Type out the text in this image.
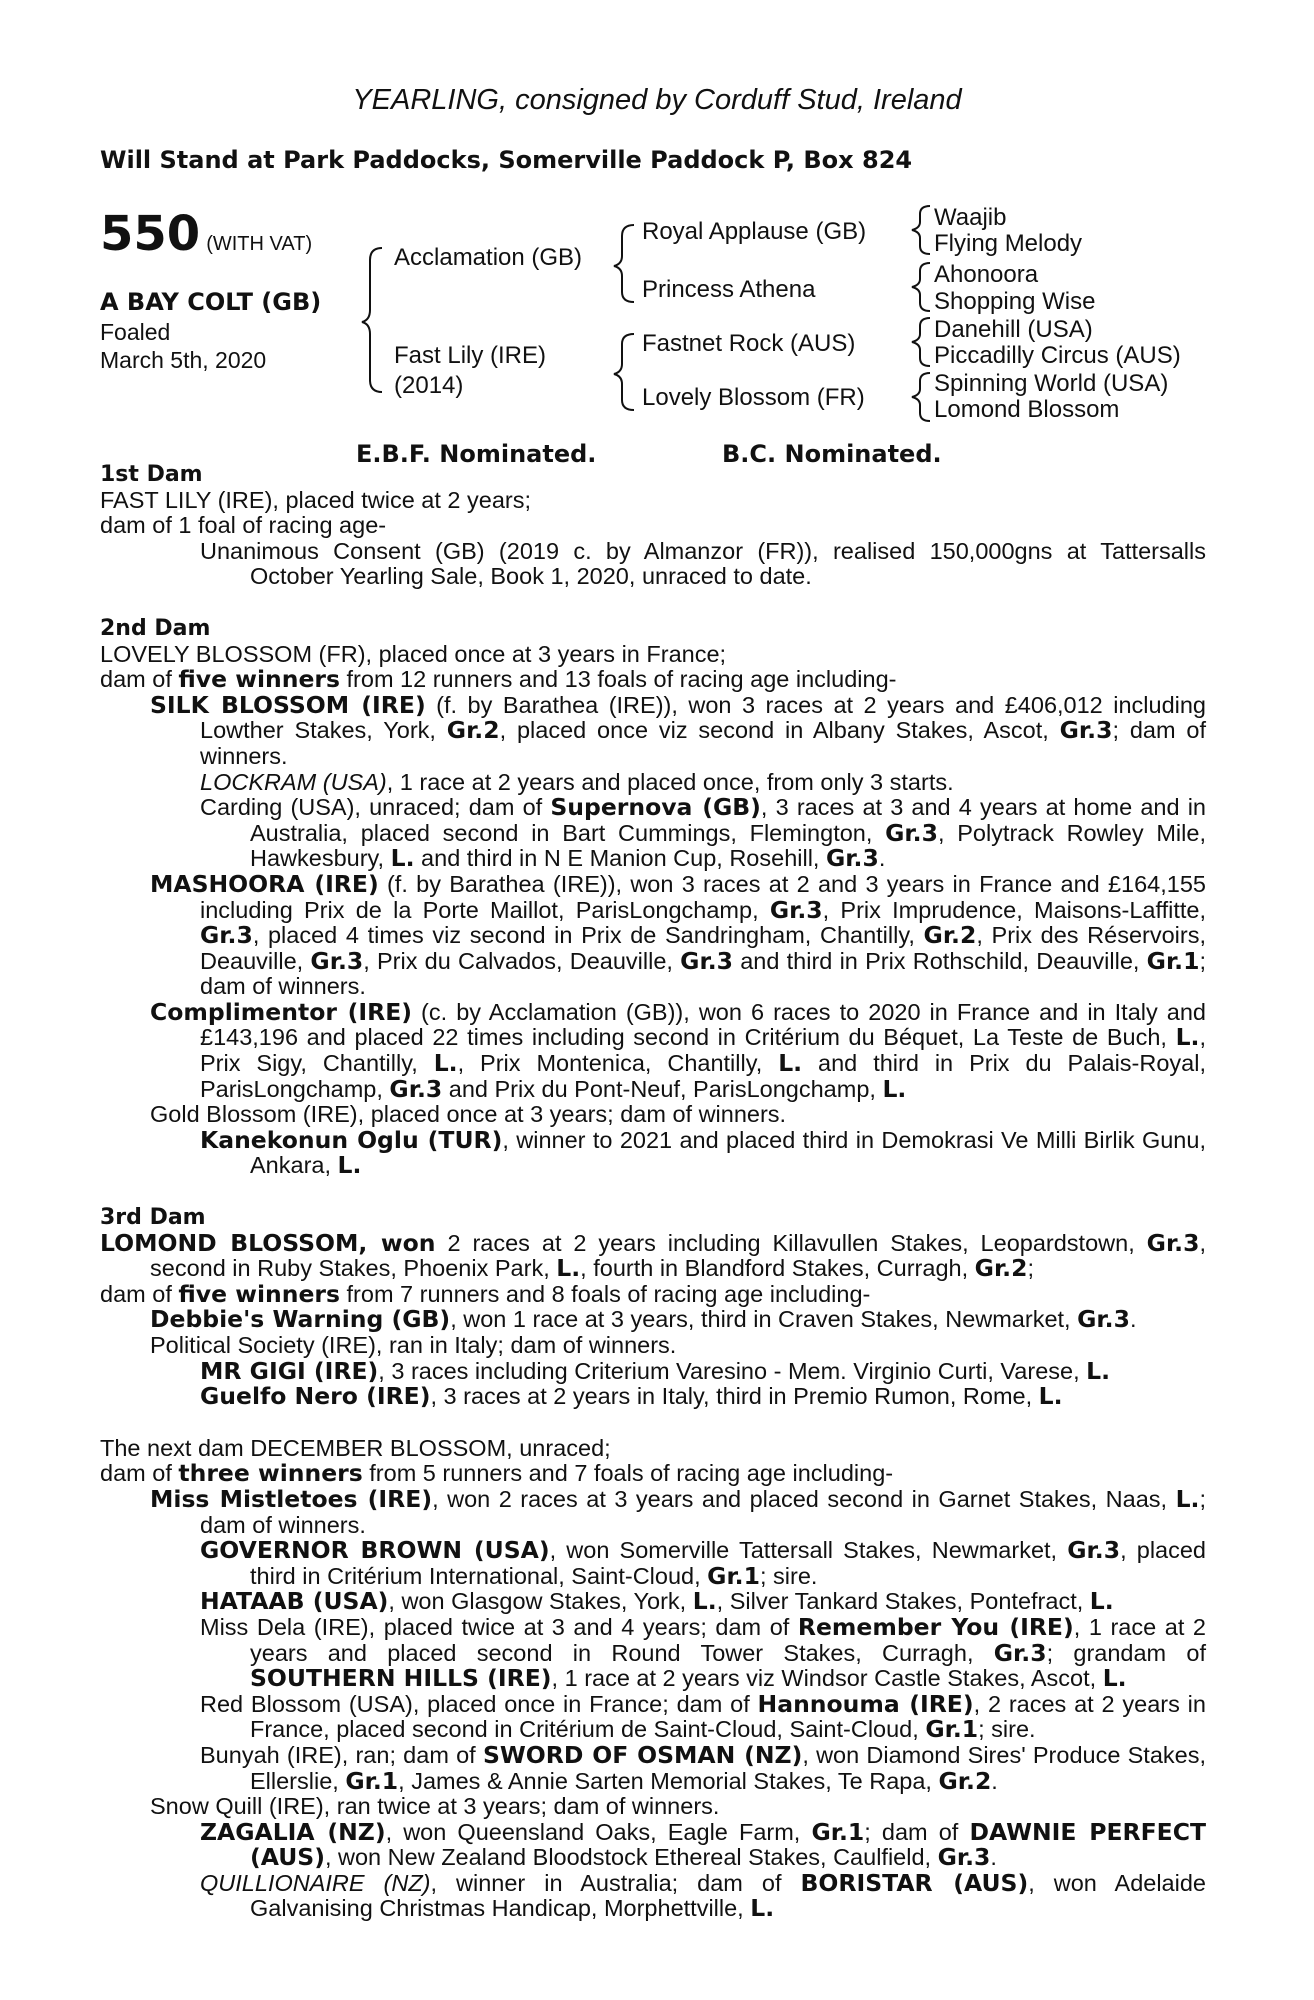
YEARLING, consigned by Corduff Stud, Ireland
Will Stand at Park Paddocks, Somerville Paddock P, Box 824
550 (WITH VAT)
A BAY COLT (GB)
Foaled
March 5th, 2020
Acclamation (GB)
Fast Lily (IRE)
(2014)
Royal Applause (GB)
Princess Athena
Fastnet Rock (AUS)
Lovely Blossom (FR)
Waajib
Flying Melody
Ahonoora
Shopping Wise
Danehill (USA)
Piccadilly Circus (AUS)
Spinning World (USA)
Lomond Blossom
E.B.F. Nominated.	B.C. Nominated.

1st Dam

FAST LILY (IRE), placed twice at 2 years;

dam of 1 foal of racing age-

Unanimous Consent (GB) (2019 c. by Almanzor (FR)), realised 150,000gns at Tattersalls October Yearling Sale, Book 1, 2020, unraced to date.

2nd Dam

LOVELY BLOSSOM (FR), placed once at 3 years in France;

dam of five winners from 12 runners and 13 foals of racing age including-

SILK BLOSSOM (IRE) (f. by Barathea (IRE)), won 3 races at 2 years and £406,012 including Lowther Stakes, York, Gr.2, placed once viz second in Albany Stakes, Ascot, Gr.3; dam of winners.

LOCKRAM (USA), 1 race at 2 years and placed once, from only 3 starts.

Carding (USA), unraced; dam of Supernova (GB), 3 races at 3 and 4 years at home and in Australia, placed second in Bart Cummings, Flemington, Gr.3, Polytrack Rowley Mile, Hawkesbury, L. and third in N E Manion Cup, Rosehill, Gr.3.

MASHOORA (IRE) (f. by Barathea (IRE)), won 3 races at 2 and 3 years in France and £164,155 including Prix de la Porte Maillot, ParisLongchamp, Gr.3, Prix Imprudence, Maisons-Laffitte, Gr.3, placed 4 times viz second in Prix de Sandringham, Chantilly, Gr.2, Prix des Réservoirs, Deauville, Gr.3, Prix du Calvados, Deauville, Gr.3 and third in Prix Rothschild, Deauville, Gr.1; dam of winners.

Complimentor (IRE) (c. by Acclamation (GB)), won 6 races to 2020 in France and in Italy and £143,196 and placed 22 times including second in Critérium du Béquet, La Teste de Buch, L., Prix Sigy, Chantilly, L., Prix Montenica, Chantilly, L. and third in Prix du Palais-Royal, ParisLongchamp, Gr.3 and Prix du Pont-Neuf, ParisLongchamp, L.

Gold Blossom (IRE), placed once at 3 years; dam of winners.

Kanekonun Oglu (TUR), winner to 2021 and placed third in Demokrasi Ve Milli Birlik Gunu, Ankara, L.

3rd Dam

LOMOND BLOSSOM, won 2 races at 2 years including Killavullen Stakes, Leopardstown, Gr.3, second in Ruby Stakes, Phoenix Park, L., fourth in Blandford Stakes, Curragh, Gr.2;

dam of five winners from 7 runners and 8 foals of racing age including-

Debbie's Warning (GB), won 1 race at 3 years, third in Craven Stakes, Newmarket, Gr.3.

Political Society (IRE), ran in Italy; dam of winners.

MR GIGI (IRE), 3 races including Criterium Varesino - Mem. Virginio Curti, Varese, L.

Guelfo Nero (IRE), 3 races at 2 years in Italy, third in Premio Rumon, Rome, L.

The next dam DECEMBER BLOSSOM, unraced;

dam of three winners from 5 runners and 7 foals of racing age including-

Miss Mistletoes (IRE), won 2 races at 3 years and placed second in Garnet Stakes, Naas, L.; dam of winners.

GOVERNOR BROWN (USA), won Somerville Tattersall Stakes, Newmarket, Gr.3, placed third in Critérium International, Saint-Cloud, Gr.1; sire.

HATAAB (USA), won Glasgow Stakes, York, L., Silver Tankard Stakes, Pontefract, L.

Miss Dela (IRE), placed twice at 3 and 4 years; dam of Remember You (IRE), 1 race at 2 years and placed second in Round Tower Stakes, Curragh, Gr.3; grandam of SOUTHERN HILLS (IRE), 1 race at 2 years viz Windsor Castle Stakes, Ascot, L.

Red Blossom (USA), placed once in France; dam of Hannouma (IRE), 2 races at 2 years in France, placed second in Critérium de Saint-Cloud, Saint-Cloud, Gr.1; sire.

Bunyah (IRE), ran; dam of SWORD OF OSMAN (NZ), won Diamond Sires' Produce Stakes, Ellerslie, Gr.1, James & Annie Sarten Memorial Stakes, Te Rapa, Gr.2.

Snow Quill (IRE), ran twice at 3 years; dam of winners.

ZAGALIA (NZ), won Queensland Oaks, Eagle Farm, Gr.1; dam of DAWNIE PERFECT (AUS), won New Zealand Bloodstock Ethereal Stakes, Caulfield, Gr.3.

QUILLIONAIRE (NZ), winner in Australia; dam of BORISTAR (AUS), won Adelaide Galvanising Christmas Handicap, Morphettville, L.
